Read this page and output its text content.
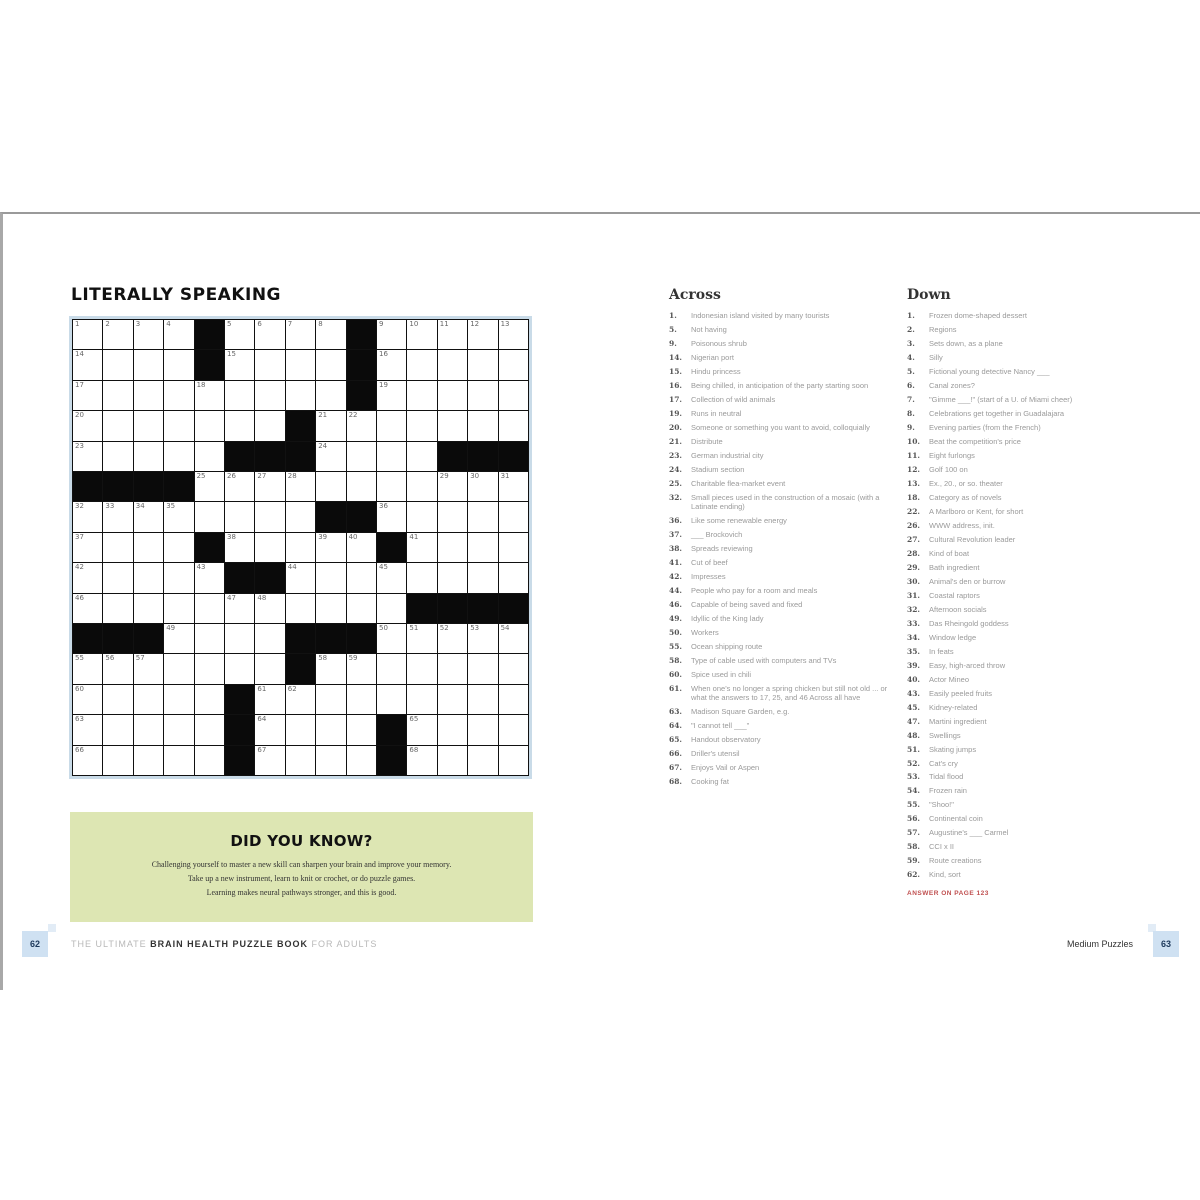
LITERALLY SPEAKING
1	2	3	4	5	6	7	8	9	10	11	12	13
14	15	16
17	18	19
20	21	22
23	24
25	26	27	28	29	30	31
32	33	34	35	36
37	38	39	40	41
42	43	44	45
46	47	48
49	50	51	52	53	54
55	56	57	58	59
60	61	62
63	64	65
66	67	68
DID YOU KNOW?
Challenging yourself to master a new skill can sharpen your brain and improve your memory.
Take up a new instrument, learn to knit or crochet, or do puzzle games.
Learning makes neural pathways stronger, and this is good.
Across
1.	Indonesian island visited by many tourists
5.	Not having
9.	Poisonous shrub
14.	Nigerian port
15.	Hindu princess
16.	Being chilled, in anticipation of the party starting soon
17.	Collection of wild animals
19.	Runs in neutral
20.	Someone or something you want to avoid, colloquially
21.	Distribute
23.	German industrial city
24.	Stadium section
25.	Charitable flea-market event
32.	Small pieces used in the construction of a mosaic (with a Latinate ending)
36.	Like some renewable energy
37.	___ Brockovich
38.	Spreads reviewing
41.	Cut of beef
42.	Impresses
44.	People who pay for a room and meals
46.	Capable of being saved and fixed
49.	Idyllic of the King lady
50.	Workers
55.	Ocean shipping route
58.	Type of cable used with computers and TVs
60.	Spice used in chili
61.	When one's no longer a spring chicken but still not old ... or what the answers to 17, 25, and 46 Across all have
63.	Madison Square Garden, e.g.
64.	"I cannot tell ___"
65.	Handout observatory
66.	Driller's utensil
67.	Enjoys Vail or Aspen
68.	Cooking fat
Down
1.	Frozen dome-shaped dessert
2.	Regions
3.	Sets down, as a plane
4.	Silly
5.	Fictional young detective Nancy ___
6.	Canal zones?
7.	"Gimme ___!" (start of a U. of Miami cheer)
8.	Celebrations get together in Guadalajara
9.	Evening parties (from the French)
10.	Beat the competition's price
11.	Eight furlongs
12.	Golf 100 on
13.	Ex., 20., or so. theater
18.	Category as of novels
22.	A Marlboro or Kent, for short
26.	WWW address, init.
27.	Cultural Revolution leader
28.	Kind of boat
29.	Bath ingredient
30.	Animal's den or burrow
31.	Coastal raptors
32.	Afternoon socials
33.	Das Rheingold goddess
34.	Window ledge
35.	In feats
39.	Easy, high-arced throw
40.	Actor Mineo
43.	Easily peeled fruits
45.	Kidney-related
47.	Martini ingredient
48.	Swellings
51.	Skating jumps
52.	Cat's cry
53.	Tidal flood
54.	Frozen rain
55.	"Shoo!"
56.	Continental coin
57.	Augustine's ___ Carmel
58.	CCI x II
59.	Route creations
62.	Kind, sort
ANSWER ON PAGE 123
62	THE ULTIMATE BRAIN HEALTH PUZZLE BOOK FOR ADULTS	Medium Puzzles	63
